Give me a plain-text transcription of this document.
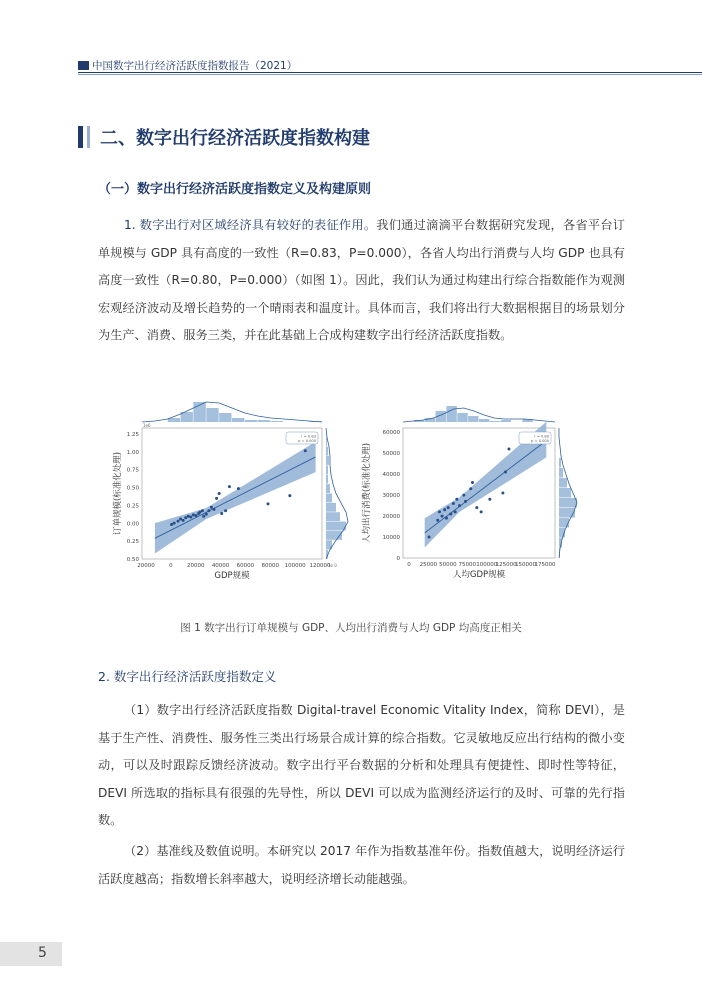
中国数字出行经济活跃度指数报告（2021）
二、数字出行经济活跃度指数构建
（一）数字出行经济活跃度指数定义及构建原则
1. 数字出行对区域经济具有较好的表征作用。我们通过滴滴平台数据研究发现，各省平台订单规模与 GDP 具有高度的一致性（R=0.83，P=0.000），各省人均出行消费与人均 GDP 也具有高度一致性（R=0.80，P=0.000）（如图 1）。因此，我们认为通过构建出行综合指数能作为观测宏观经济波动及增长趋势的一个晴雨表和温度计。具体而言，我们将出行大数据根据目的场景划分为生产、消费、服务三类，并在此基础上合成构建数字出行经济活跃度指数。
r = 0.83
p = 0.000
0.50
0.25
0.00
0.25
0.50
0.75
1.00
1.25
20000	0	20000 40000 60000 80000 100000 120000
GDP规模
订单规模(标准化处理)
1e6
1e 0
r = 0.80
p = 0.000
0
10000
20000
30000
40000
50000
60000
0 25000 50000 75000 100000
125000
150000
175000
人均GDP规模
人均出行消费(标准化处理)
图 1 数字出行订单规模与 GDP、人均出行消费与人均 GDP 均高度正相关
2. 数字出行经济活跃度指数定义
（1）数字出行经济活跃度指数 Digital-travel Economic Vitality Index，简称 DEVI），是基于生产性、消费性、服务性三类出行场景合成计算的综合指数。它灵敏地反应出行结构的微小变动，可以及时跟踪反馈经济波动。数字出行平台数据的分析和处理具有便捷性、即时性等特征，DEVI 所选取的指标具有很强的先导性，所以 DEVI 可以成为监测经济运行的及时、可靠的先行指数。
（2）基准线及数值说明。本研究以 2017 年作为指数基准年份。指数值越大，说明经济运行活跃度越高；指数增长斜率越大，说明经济增长动能越强。
5
